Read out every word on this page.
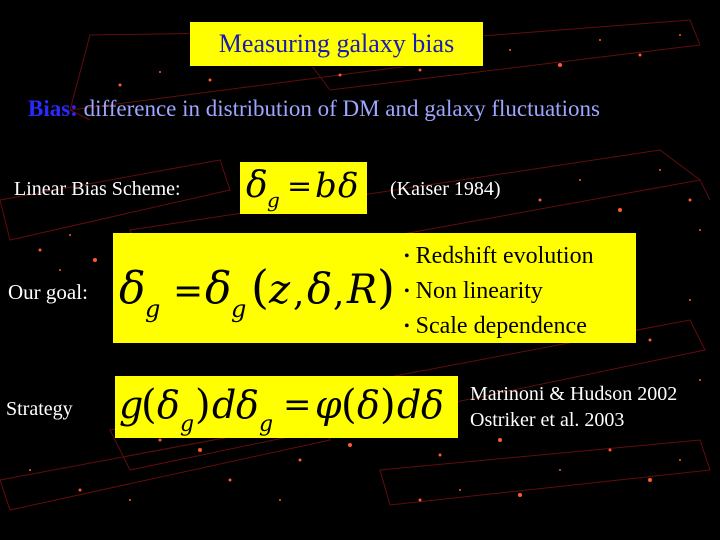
Measuring galaxy bias
Bias: difference in distribution of DM and galaxy fluctuations
Linear Bias Scheme: δ g = b δ (Kaiser 1984)
Our goal: δ g = δ g ( z , δ , R )
• Redshift evolution
• Non linearity
• Scale dependence
Strategy g
( δ g ) d δ g = φ ( δ ) d δ Marinoni & Hudson 2002
Ostriker et al. 2003
